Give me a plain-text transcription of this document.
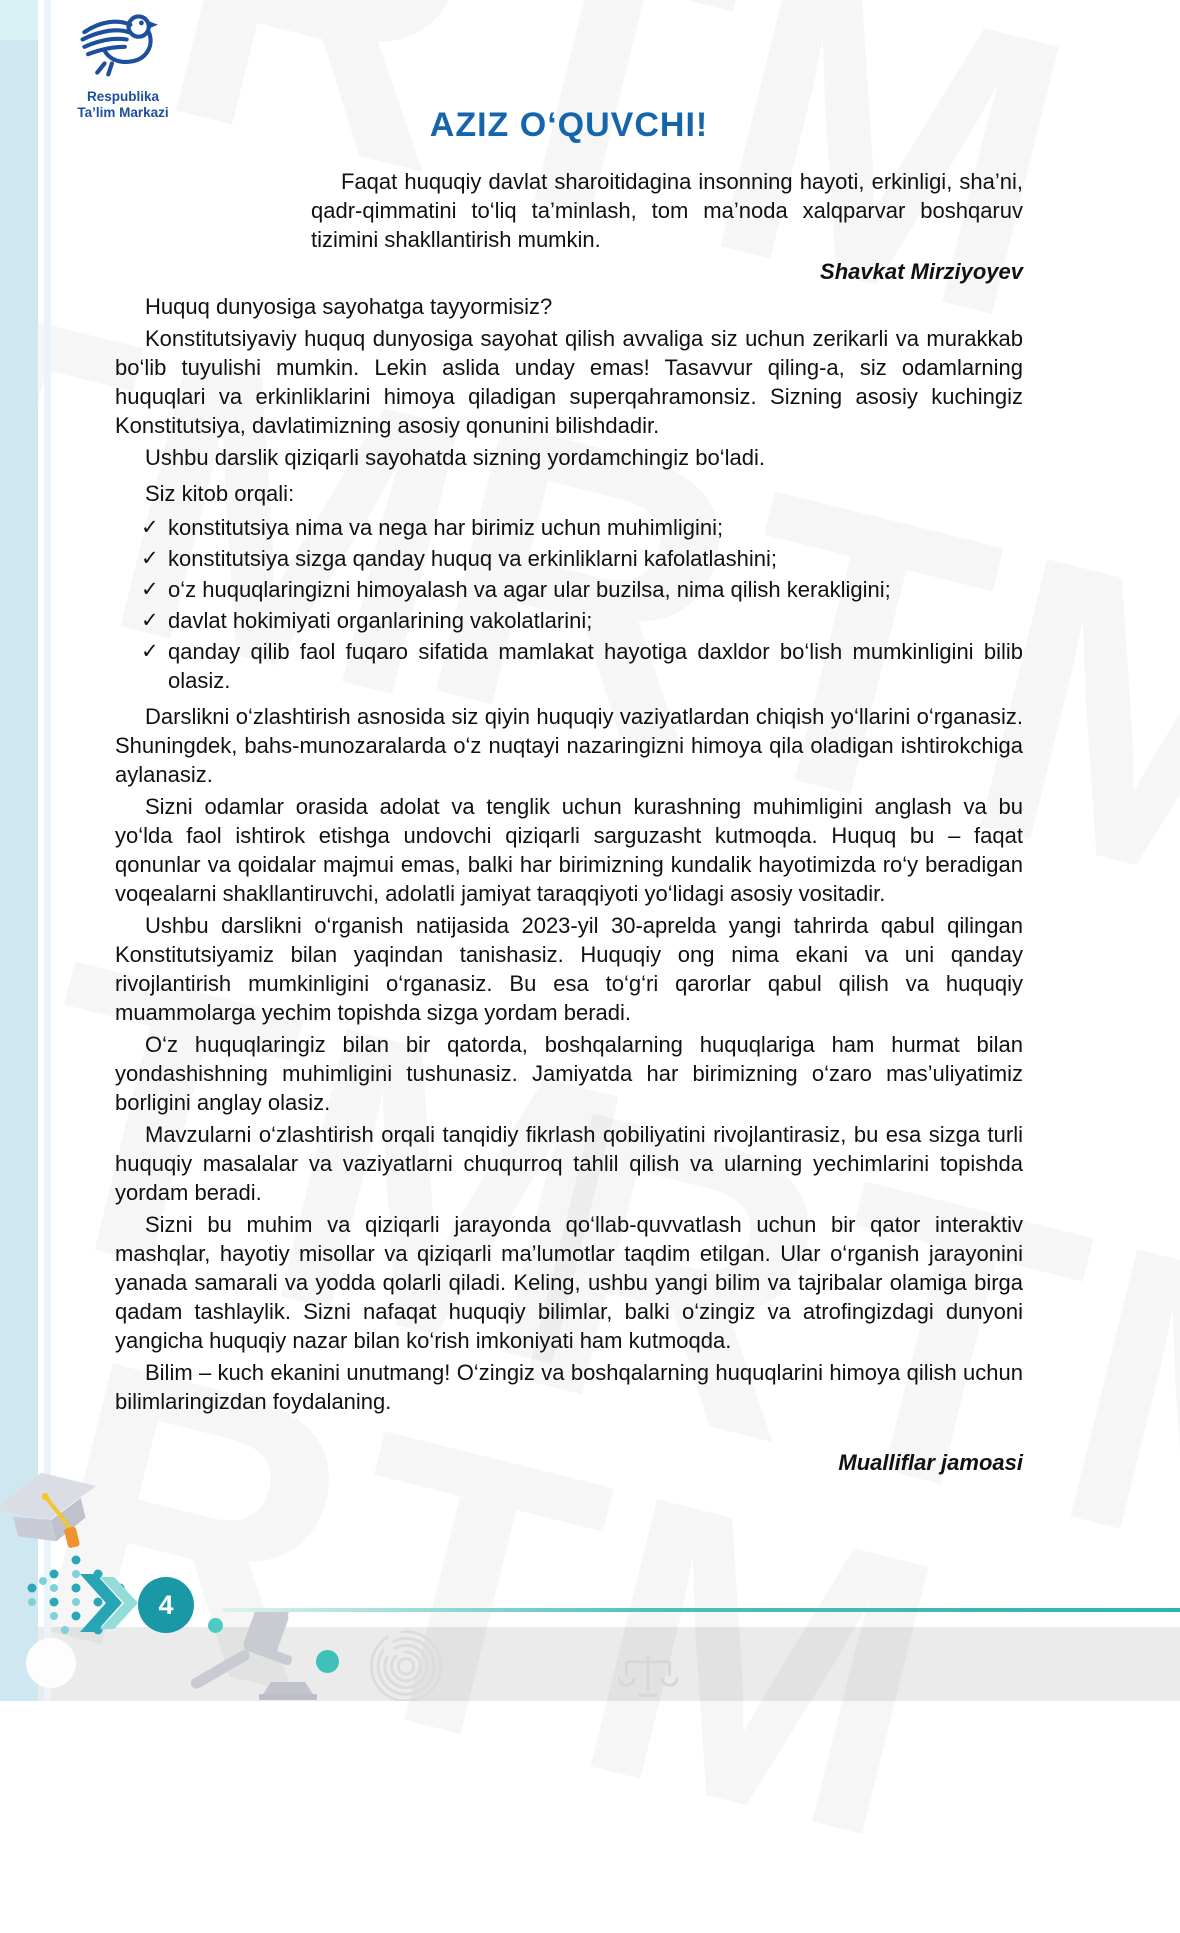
Respublika
Ta’lim Markazi	AZIZ O‘QUVCHI!
Faqat huquqiy davlat sharoitidagina insonning hayoti, erkinligi, sha’ni, qadr-qimmatini to‘liq ta’minlash, tom ma’noda xalqparvar boshqaruv tizimini shakllantirish mumkin.
Shavkat Mirziyoyev

Huquq dunyosiga sayohatga tayyormisiz?

Konstitutsiyaviy huquq dunyosiga sayohat qilish avvaliga siz uchun zerikarli va murakkab bo‘lib tuyulishi mumkin. Lekin aslida unday emas! Tasavvur qiling-a, siz odamlarning huquqlari va erkinliklarini himoya qiladigan superqahramonsiz. Sizning asosiy kuchingiz Konstitutsiya, davlatimizning asosiy qonunini bilishdadir.

Ushbu darslik qiziqarli sayohatda sizning yordamchingiz bo‘ladi.

Siz kitob orqali:

✓ konstitutsiya nima va nega har birimiz uchun muhimligini;
✓ konstitutsiya sizga qanday huquq va erkinliklarni kafolatlashini;
✓ o‘z huquqlaringizni himoyalash va agar ular buzilsa, nima qilish kerakligini;
✓ davlat hokimiyati organlarining vakolatlarini;
✓ qanday qilib faol fuqaro sifatida mamlakat hayotiga daxldor bo‘lish mumkinligini bilib olasiz.

Darslikni o‘zlashtirish asnosida siz qiyin huquqiy vaziyatlardan chiqish yo‘llarini o‘rganasiz. Shuningdek, bahs-munozaralarda o‘z nuqtayi nazaringizni himoya qila oladigan ishtirokchiga aylanasiz.

Sizni odamlar orasida adolat va tenglik uchun kurashning muhimligini anglash va bu yo‘lda faol ishtirok etishga undovchi qiziqarli sarguzasht kutmoqda. Huquq bu – faqat qonunlar va qoidalar majmui emas, balki har birimizning kundalik hayotimizda ro‘y beradigan voqealarni shakllantiruvchi, adolatli jamiyat taraqqiyoti yo‘lidagi asosiy vositadir.

Ushbu darslikni o‘rganish natijasida 2023-yil 30-aprelda yangi tahrirda qabul qilingan Konstitutsiyamiz bilan yaqindan tanishasiz. Huquqiy ong nima ekani va uni qanday rivojlantirish mumkinligini o‘rganasiz. Bu esa to‘g‘ri qarorlar qabul qilish va huquqiy muammolarga yechim topishda sizga yordam beradi.

O‘z huquqlaringiz bilan bir qatorda, boshqalarning huquqlariga ham hurmat bilan yondashishning muhimligini tushunasiz. Jamiyatda har birimizning o‘zaro mas’uliyatimiz borligini anglay olasiz.

Mavzularni o‘zlashtirish orqali tanqidiy fikrlash qobiliyatini rivojlantirasiz, bu esa sizga turli huquqiy masalalar va vaziyatlarni chuqurroq tahlil qilish va ularning yechimlarini topishda yordam beradi.

Sizni bu muhim va qiziqarli jarayonda qo‘llab-quvvatlash uchun bir qator interaktiv mashqlar, hayotiy misollar va qiziqarli ma’lumotlar taqdim etilgan. Ular o‘rganish jarayonini yanada samarali va yodda qolarli qiladi. Keling, ushbu yangi bilim va tajribalar olamiga birga qadam tashlaylik. Sizni nafaqat huquqiy bilimlar, balki o‘zingiz va atrofingizdagi dunyoni yangicha huquqiy nazar bilan ko‘rish imkoniyati ham kutmoqda.

Bilim – kuch ekanini unutmang! O‘zingiz va boshqalarning huquqlarini himoya qilish uchun bilimlaringizdan foydalaning.

Mualliflar jamoasi
4
